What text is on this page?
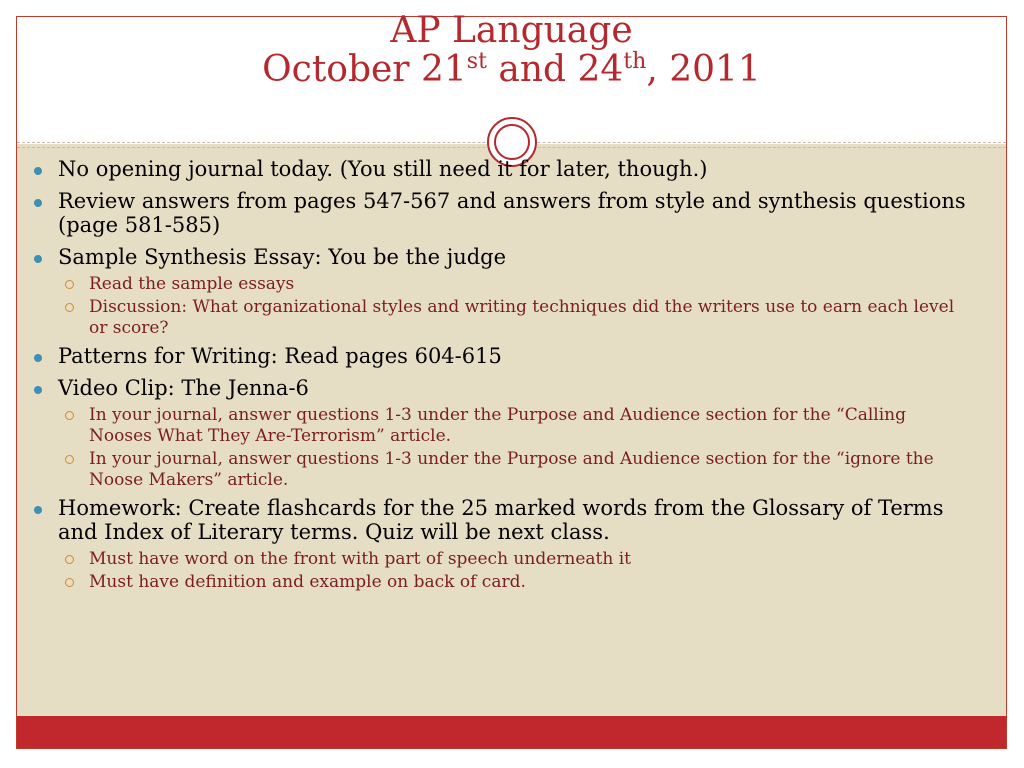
AP Language
October 21st and 24th, 2011
No opening journal today. (You still need it for later, though.)
Review answers from pages 547-567 and answers from style and synthesis questions (page 581-585)
Sample Synthesis Essay: You be the judge
Read the sample essays
Discussion: What organizational styles and writing techniques did the writers use to earn each level or score?
Patterns for Writing: Read pages 604-615
Video Clip: The Jenna-6
In your journal, answer questions 1-3 under the Purpose and Audience section for the “Calling Nooses What They Are-Terrorism” article.
In your journal, answer questions 1-3 under the Purpose and Audience section for the “ignore the Noose Makers” article.
Homework: Create flashcards for the 25 marked words from the Glossary of Terms and Index of Literary terms. Quiz will be next class.
Must have word on the front with part of speech underneath it
Must have definition and example on back of card.
